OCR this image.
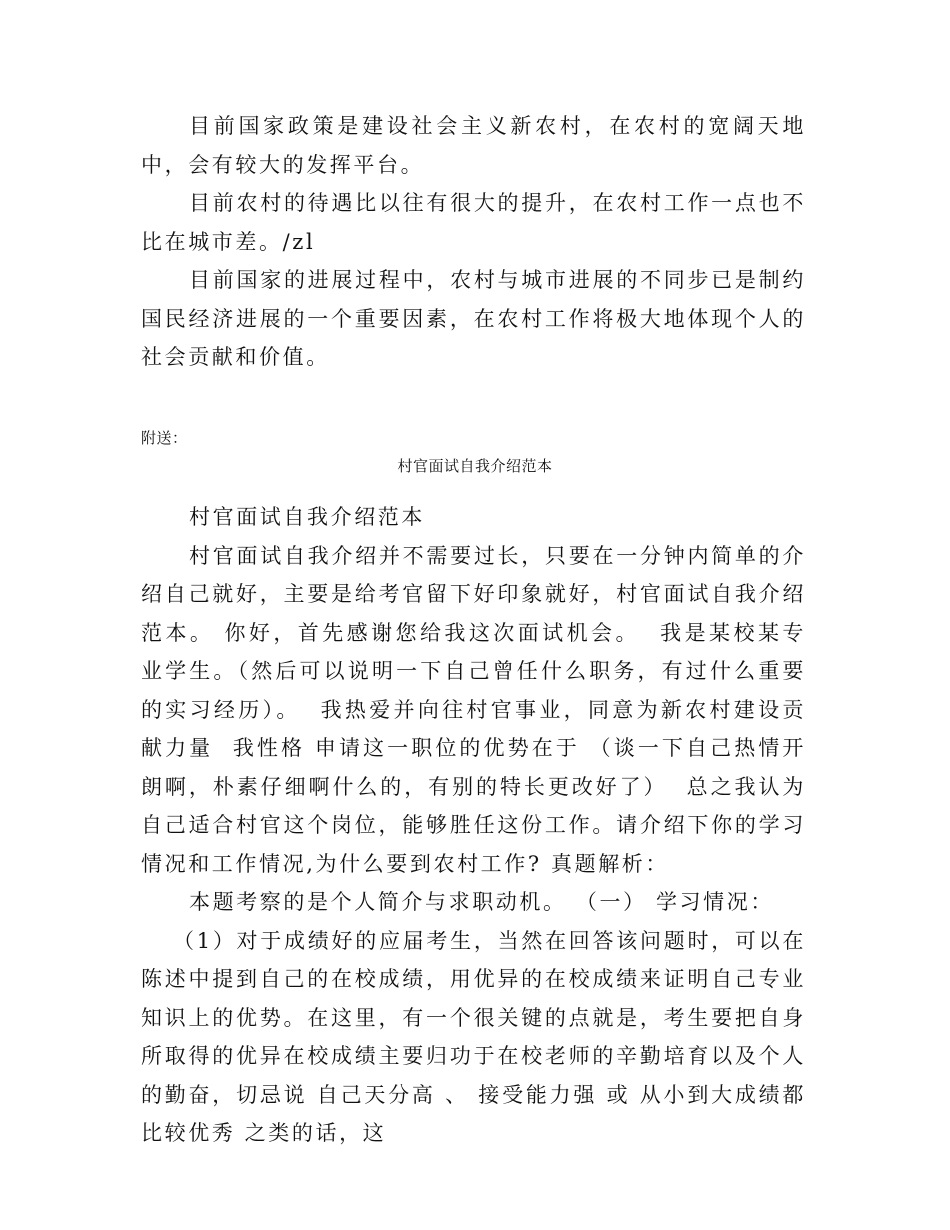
目前国家政策是建设社会主义新农村，在农村的宽阔天地中，会有较大的发挥平台。

目前农村的待遇比以往有很大的提升，在农村工作一点也不比在城市差。/zl

目前国家的进展过程中，农村与城市进展的不同步已是制约国民经济进展的一个重要因素，在农村工作将极大地体现个人的社会贡献和价值。

附送：
村官面试自我介绍范本

村官面试自我介绍范本

村官面试自我介绍并不需要过长，只要在一分钟内简单的介绍自己就好，主要是给考官留下好印象就好，村官面试自我介绍范本。 你好，首先感谢您给我这次面试机会。  我是某校某专业学生。（然后可以说明一下自己曾任什么职务，有过什么重要的实习经历）。  我热爱并向往村官事业，同意为新农村建设贡献力量  我性格 申请这一职位的优势在于 （谈一下自己热情开朗啊，朴素仔细啊什么的，有别的特长更改好了）  总之我认为自己适合村官这个岗位，能够胜任这份工作。请介绍下你的学习情况和工作情况,为什么要到农村工作? 真题解析：

本题考察的是个人简介与求职动机。 （一） 学习情况：

（1）对于成绩好的应届考生，当然在回答该问题时，可以在陈述中提到自己的在校成绩，用优异的在校成绩来证明自己专业知识上的优势。在这里，有一个很关键的点就是，考生要把自身所取得的优异在校成绩主要归功于在校老师的辛勤培育以及个人的勤奋，切忌说 自己天分高 、 接受能力强 或 从小到大成绩都比较优秀 之类的话，这
